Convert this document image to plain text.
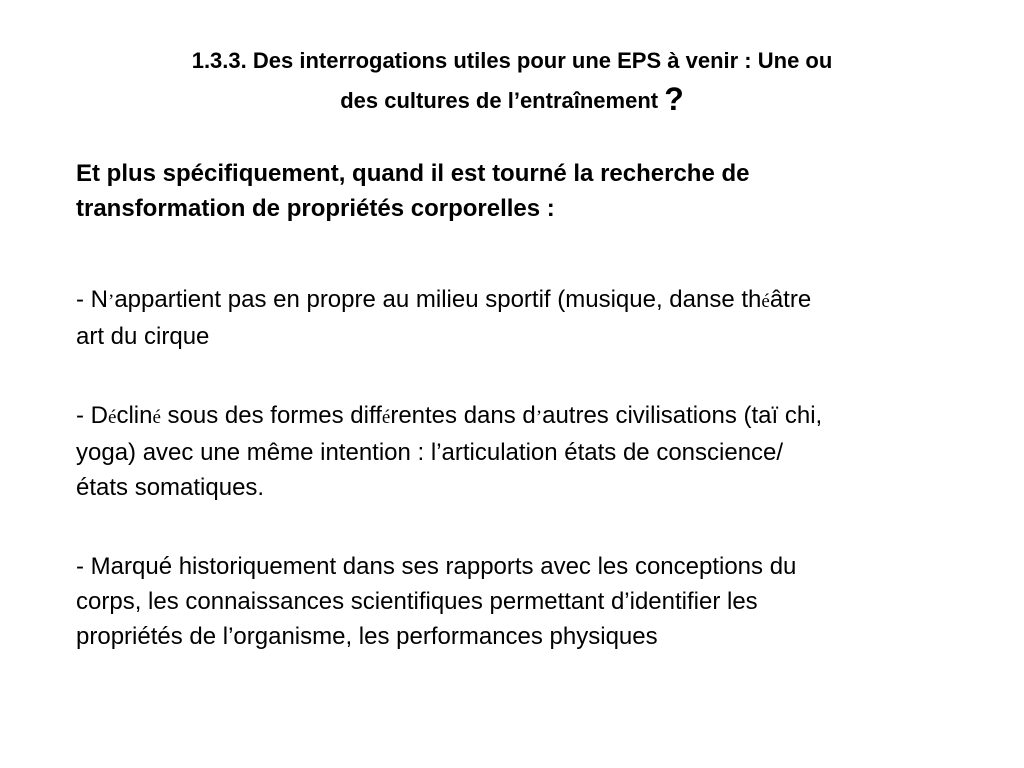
1.3.3. Des interrogations utiles pour une EPS à venir : Une ou
des cultures de l’entraînement ?
Et plus spécifiquement, quand il est tourné la recherche de
transformation de propriétés corporelles :
- N’appartient pas en propre au milieu sportif (musique, danse théâtre
art du cirque
- Décliné sous des formes différentes dans d’autres civilisations (taï chi,
yoga) avec une même intention : l’articulation états de conscience/
états somatiques.
- Marqué historiquement dans ses rapports avec les conceptions du
corps, les connaissances scientifiques permettant d’identifier les
propriétés de l’organisme, les performances physiques
